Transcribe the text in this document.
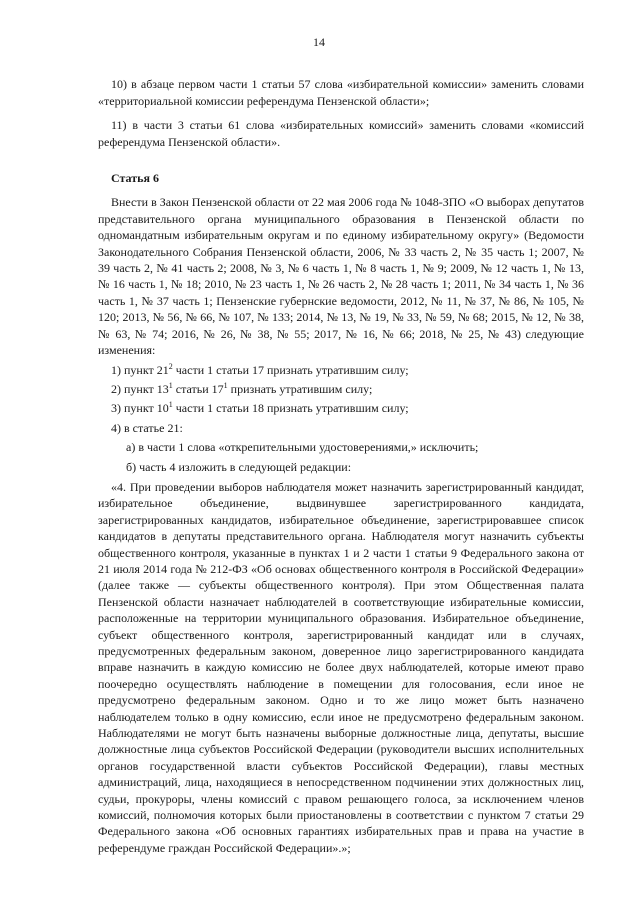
14

10) в абзаце первом части 1 статьи 57 слова «избирательной комиссии» заменить словами «территориальной комиссии референдума Пензенской области»;

11) в части 3 статьи 61 слова «избирательных комиссий» заменить словами «комиссий референдума Пензенской области».

Статья 6

Внести в Закон Пензенской области от 22 мая 2006 года № 1048-ЗПО «О выборах депутатов представительного органа муниципального образования в Пензенской области по одномандатным избирательным округам и по единому избирательному округу» (Ведомости Законодательного Собрания Пензенской области, 2006, № 33 часть 2, № 35 часть 1; 2007, № 39 часть 2, № 41 часть 2; 2008, № 3, № 6 часть 1, № 8 часть 1, № 9; 2009, № 12 часть 1, № 13, № 16 часть 1, № 18; 2010, № 23 часть 1, № 26 часть 2, № 28 часть 1; 2011, № 34 часть 1, № 36 часть 1, № 37 часть 1; Пензенские губернские ведомости, 2012, № 11, № 37, № 86, № 105, № 120; 2013, № 56, № 66, № 107, № 133; 2014, № 13, № 19, № 33, № 59, № 68; 2015, № 12, № 38, № 63, № 74; 2016, № 26, № 38, № 55; 2017, № 16, № 66; 2018, № 25, № 43) следующие изменения:

1) пункт $21^2$ части 1 статьи 17 признать утратившим силу;

2) пункт $13^1$ статьи $17^1$ признать утратившим силу;

3) пункт $10^1$ части 1 статьи 18 признать утратившим силу;

4) в статье 21:

а) в части 1 слова «открепительными удостоверениями,» исключить;

б) часть 4 изложить в следующей редакции:

«4. При проведении выборов наблюдателя может назначить зарегистрированный кандидат, избирательное объединение, выдвинувшее зарегистрированного кандидата, зарегистрированных кандидатов, избирательное объединение, зарегистрировавшее список кандидатов в депутаты представительного органа. Наблюдателя могут назначить субъекты общественного контроля, указанные в пунктах 1 и 2 части 1 статьи 9 Федерального закона от 21 июля 2014 года № 212-ФЗ «Об основах общественного контроля в Российской Федерации» (далее также — субъекты общественного контроля). При этом Общественная палата Пензенской области назначает наблюдателей в соответствующие избирательные комиссии, расположенные на территории муниципального образования. Избирательное объединение, субъект общественного контроля, зарегистрированный кандидат или в случаях, предусмотренных федеральным законом, доверенное лицо зарегистрированного кандидата вправе назначить в каждую комиссию не более двух наблюдателей, которые имеют право поочередно осуществлять наблюдение в помещении для голосования, если иное не предусмотрено федеральным законом. Одно и то же лицо может быть назначено наблюдателем только в одну комиссию, если иное не предусмотрено федеральным законом. Наблюдателями не могут быть назначены выборные должностные лица, депутаты, высшие должностные лица субъектов Российской Федерации (руководители высших исполнительных органов государственной власти субъектов Российской Федерации), главы местных администраций, лица, находящиеся в непосредственном подчинении этих должностных лиц, судьи, прокуроры, члены комиссий с правом решающего голоса, за исключением членов комиссий, полномочия которых были приостановлены в соответствии с пунктом 7 статьи 29 Федерального закона «Об основных гарантиях избирательных прав и права на участие в референдуме граждан Российской Федерации».»;
